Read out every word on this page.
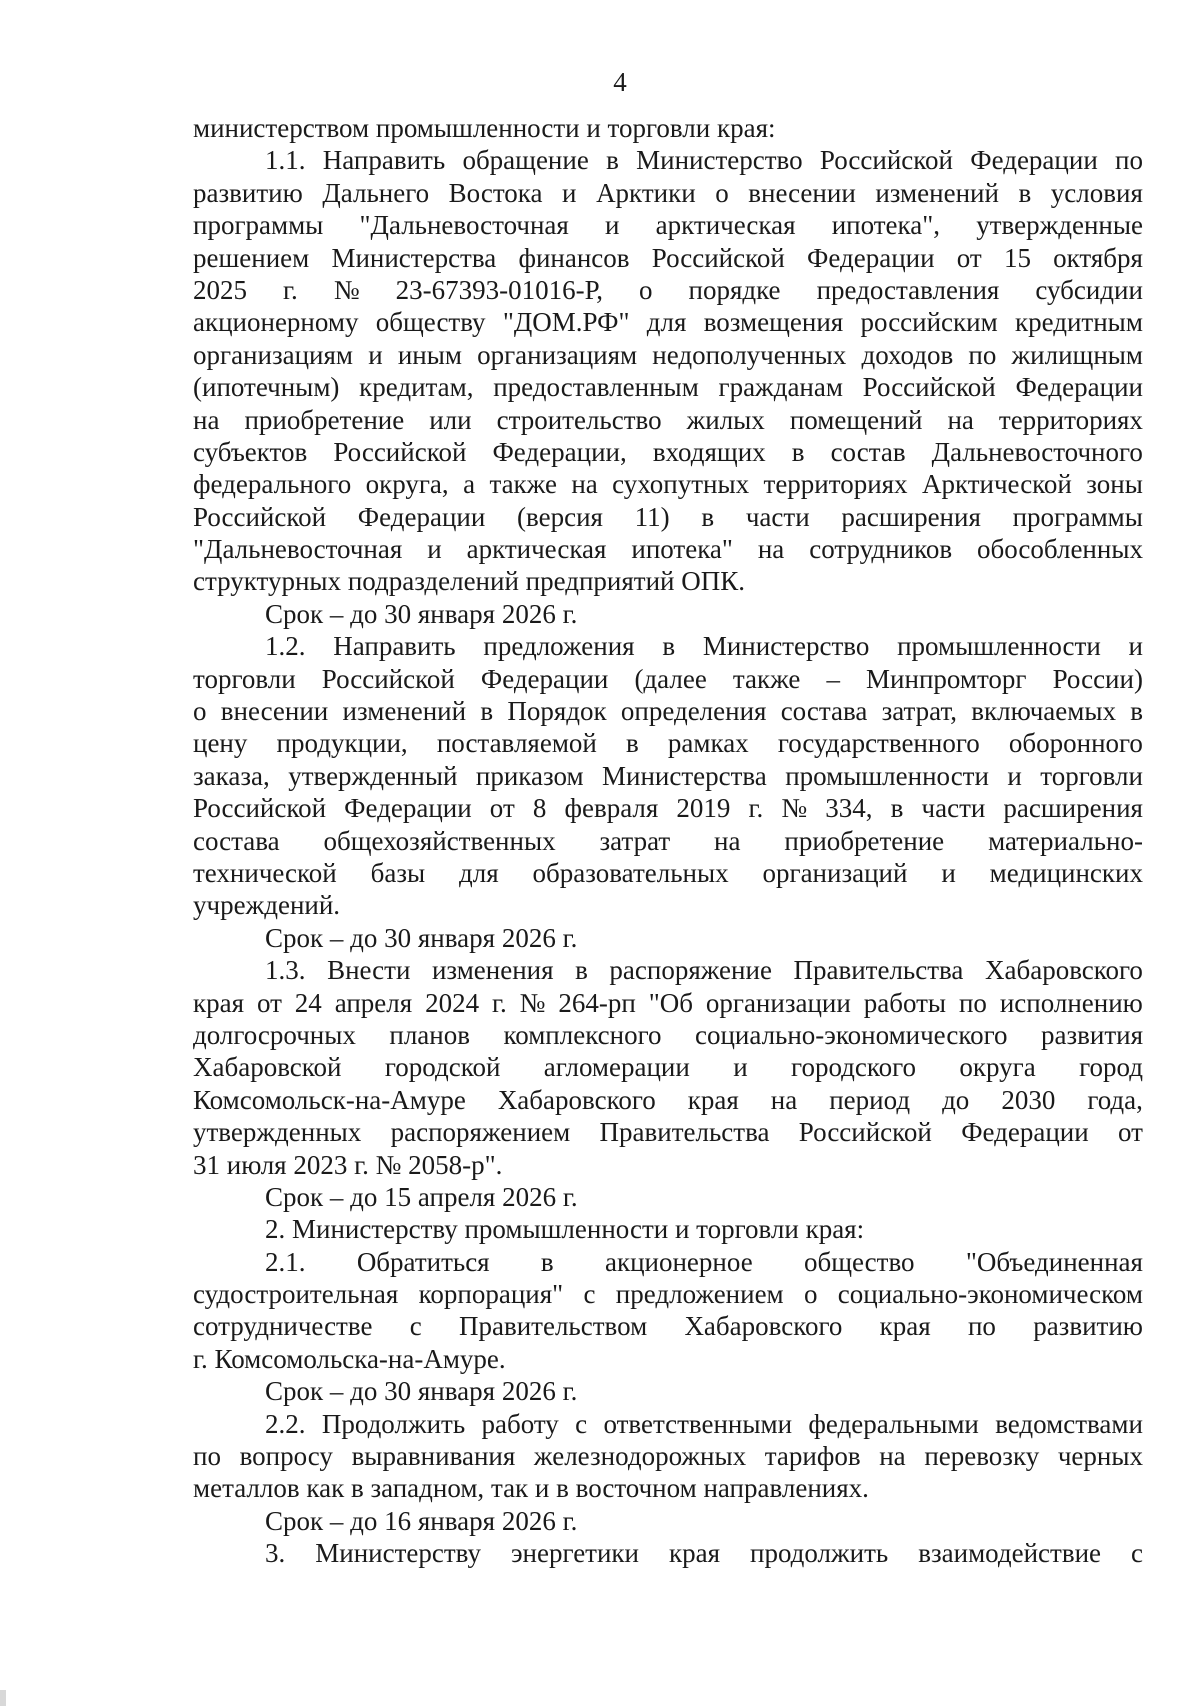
4
министерством промышленности и торговли края:
1.1. Направить обращение в Министерство Российской Федерации по
развитию Дальнего Востока и Арктики о внесении изменений в условия
программы "Дальневосточная и арктическая ипотека", утвержденные
решением Министерства финансов Российской Федерации от 15 октября
2025 г. № 23-67393-01016-Р, о порядке предоставления субсидии
акционерному обществу "ДОМ.РФ" для возмещения российским кредитным
организациям и иным организациям недополученных доходов по жилищным
(ипотечным) кредитам, предоставленным гражданам Российской Федерации
на приобретение или строительство жилых помещений на территориях
субъектов Российской Федерации, входящих в состав Дальневосточного
федерального округа, а также на сухопутных территориях Арктической зоны
Российской Федерации (версия 11) в части расширения программы
"Дальневосточная и арктическая ипотека" на сотрудников обособленных
структурных подразделений предприятий ОПК.
Срок – до 30 января 2026 г.
1.2. Направить предложения в Министерство промышленности и
торговли Российской Федерации (далее также – Минпромторг России)
о внесении изменений в Порядок определения состава затрат, включаемых в
цену продукции, поставляемой в рамках государственного оборонного
заказа, утвержденный приказом Министерства промышленности и торговли
Российской Федерации от 8 февраля 2019 г. № 334, в части расширения
состава общехозяйственных затрат на приобретение материально-
технической базы для образовательных организаций и медицинских
учреждений.
Срок – до 30 января 2026 г.
1.3. Внести изменения в распоряжение Правительства Хабаровского
края от 24 апреля 2024 г. № 264-рп "Об организации работы по исполнению
долгосрочных планов комплексного социально-экономического развития
Хабаровской городской агломерации и городского округа город
Комсомольск-на-Амуре Хабаровского края на период до 2030 года,
утвержденных распоряжением Правительства Российской Федерации от
31 июля 2023 г. № 2058-р".
Срок – до 15 апреля 2026 г.
2. Министерству промышленности и торговли края:
2.1. Обратиться в акционерное общество "Объединенная
судостроительная корпорация" с предложением о социально-экономическом
сотрудничестве с Правительством Хабаровского края по развитию
г. Комсомольска-на-Амуре.
Срок – до 30 января 2026 г.
2.2. Продолжить работу с ответственными федеральными ведомствами
по вопросу выравнивания железнодорожных тарифов на перевозку черных
металлов как в западном, так и в восточном направлениях.
Срок – до 16 января 2026 г.
3. Министерству энергетики края продолжить взаимодействие с
